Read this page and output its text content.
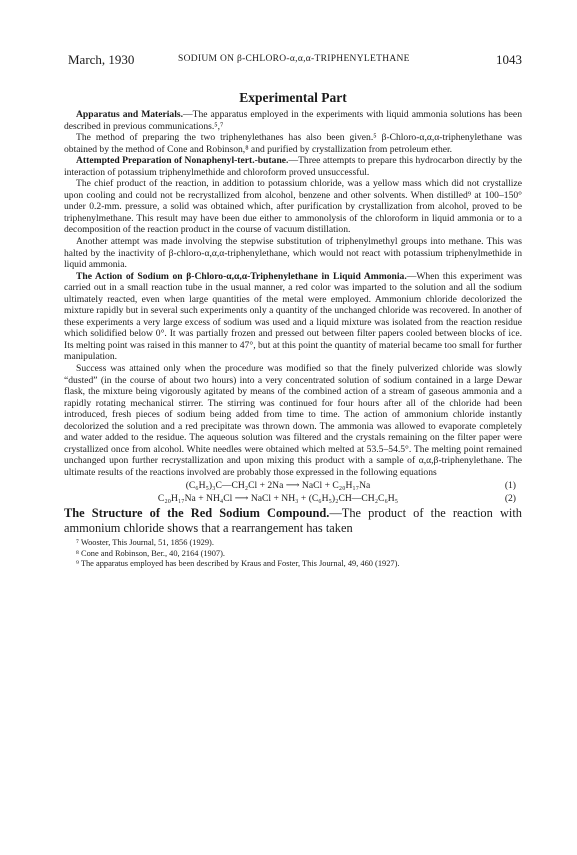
March, 1930	SODIUM ON β-CHLORO-α,α,α-TRIPHENYLETHANE	1043
Experimental Part

Apparatus and Materials.—The apparatus employed in the experiments with liquid ammonia solutions has been described in previous communications.⁵,⁷

The method of preparing the two triphenylethanes has also been given.⁵ β-Chloro-α,α,α-triphenylethane was obtained by the method of Cone and Robinson,⁸ and purified by crystallization from petroleum ether.

Attempted Preparation of Nonaphenyl-tert.-butane.—Three attempts to prepare this hydrocarbon directly by the interaction of potassium triphenylmethide and chloroform proved unsuccessful.

The chief product of the reaction, in addition to potassium chloride, was a yellow mass which did not crystallize upon cooling and could not be recrystallized from alcohol, benzene and other solvents. When distilled⁹ at 100–150° under 0.2-mm. pressure, a solid was obtained which, after purification by crystallization from alcohol, proved to be triphenylmethane. This result may have been due either to ammonolysis of the chloroform in liquid ammonia or to a decomposition of the reaction product in the course of vacuum distillation.

Another attempt was made involving the stepwise substitution of triphenylmethyl groups into methane. This was halted by the inactivity of β-chloro-α,α,α-triphenylethane, which would not react with potassium triphenylmethide in liquid ammonia.

The Action of Sodium on β-Chloro-α,α,α-Triphenylethane in Liquid Ammonia.—When this experiment was carried out in a small reaction tube in the usual manner, a red color was imparted to the solution and all the sodium ultimately reacted, even when large quantities of the metal were employed. Ammonium chloride decolorized the mixture rapidly but in several such experiments only a quantity of the unchanged chloride was recovered. In another of these experiments a very large excess of sodium was used and a liquid mixture was isolated from the reaction residue which solidified below 0°. It was partially frozen and pressed out between filter papers cooled between blocks of ice. Its melting point was raised in this manner to 47°, but at this point the quantity of material became too small for further manipulation.

Success was attained only when the procedure was modified so that the finely pulverized chloride was slowly “dusted” (in the course of about two hours) into a very concentrated solution of sodium contained in a large Dewar flask, the mixture being vigorously agitated by means of the combined action of a stream of gaseous ammonia and a rapidly rotating mechanical stirrer. The stirring was continued for four hours after all of the chloride had been introduced, fresh pieces of sodium being added from time to time. The action of ammonium chloride instantly decolorized the solution and a red precipitate was thrown down. The ammonia was allowed to evaporate completely and water added to the residue. The aqueous solution was filtered and the crystals remaining on the filter paper were crystallized once from alcohol. White needles were obtained which melted at 53.5–54.5°. The melting point remained unchanged upon further recrystallization and upon mixing this product with a sample of α,α,β-triphenylethane. The ultimate results of the reactions involved are probably those expressed in the following equations

(C₆H₅)₃C—CH₂Cl + 2Na ⟶ NaCl + C₂₀H₁₇Na	(1)
C₂₀H₁₇Na + NH₄Cl ⟶ NaCl + NH₃ + (C₆H₅)₂CH—CH₂C₆H₅	(2)

The Structure of the Red Sodium Compound.—The product of the reaction with ammonium chloride shows that a rearrangement has taken

⁷ Wooster, This Journal, 51, 1856 (1929).

⁸ Cone and Robinson, Ber., 40, 2164 (1907).

⁹ The apparatus employed has been described by Kraus and Foster, This Journal, 49, 460 (1927).
